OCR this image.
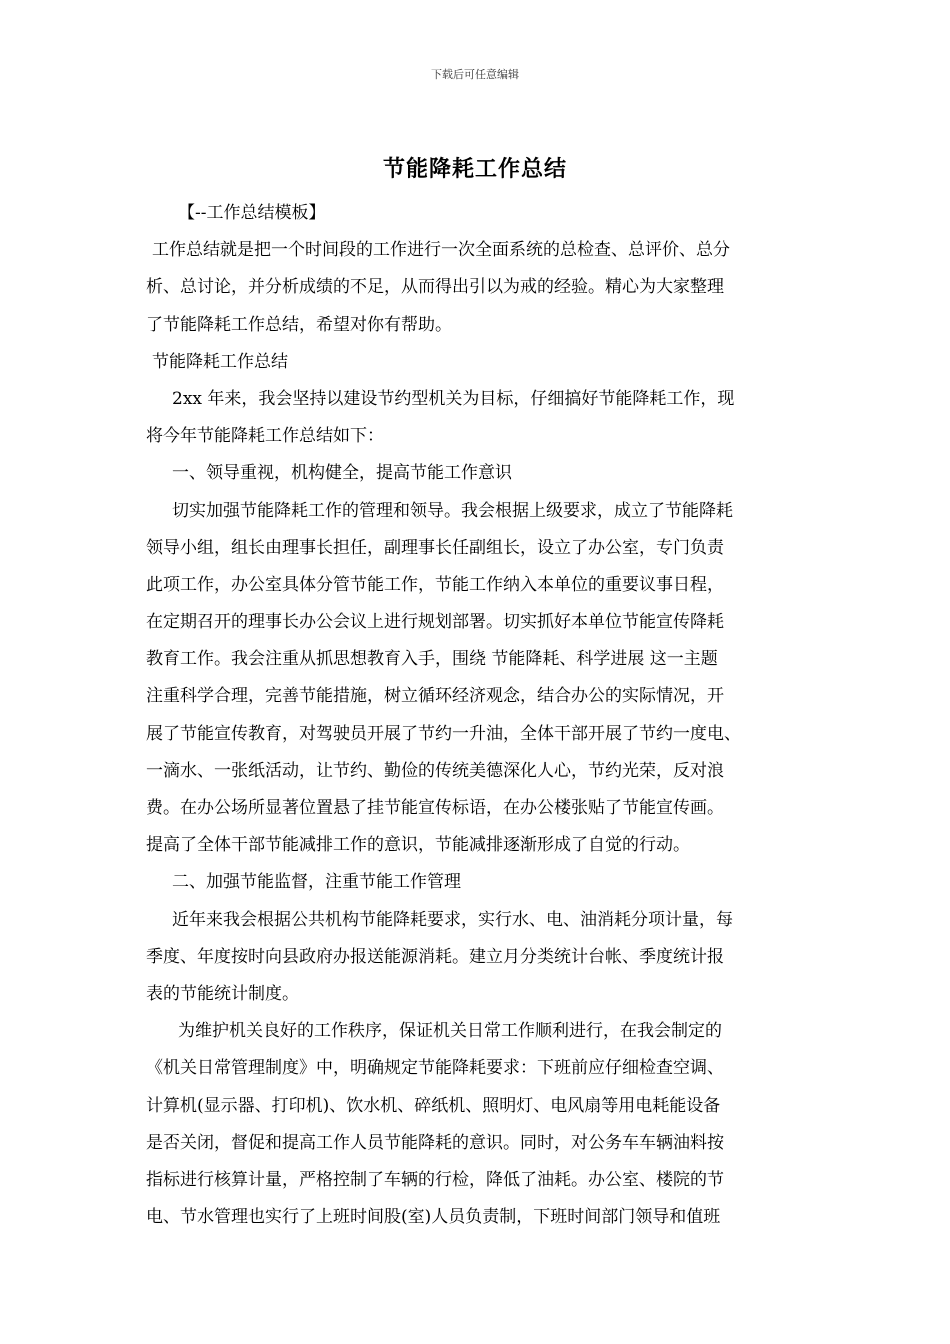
下载后可任意编辑
节能降耗工作总结
【--工作总结模板】
工作总结就是把一个时间段的工作进行一次全面系统的总检查、总评价、总分
析、总讨论，并分析成绩的不足，从而得出引以为戒的经验。精心为大家整理
了节能降耗工作总结，希望对你有帮助。
节能降耗工作总结
2xx 年来，我会坚持以建设节约型机关为目标，仔细搞好节能降耗工作，现
将今年节能降耗工作总结如下：
一、领导重视，机构健全，提高节能工作意识
切实加强节能降耗工作的管理和领导。我会根据上级要求，成立了节能降耗
领导小组，组长由理事长担任，副理事长任副组长，设立了办公室，专门负责
此项工作，办公室具体分管节能工作，节能工作纳入本单位的重要议事日程，
在定期召开的理事长办公会议上进行规划部署。切实抓好本单位节能宣传降耗
教育工作。我会注重从抓思想教育入手，围绕 节能降耗、科学进展 这一主题
注重科学合理，完善节能措施，树立循环经济观念，结合办公的实际情况，开
展了节能宣传教育，对驾驶员开展了节约一升油，全体干部开展了节约一度电、
一滴水、一张纸活动，让节约、勤俭的传统美德深化人心，节约光荣，反对浪
费。在办公场所显著位置悬了挂节能宣传标语，在办公楼张贴了节能宣传画。
提高了全体干部节能减排工作的意识，节能减排逐渐形成了自觉的行动。
二、加强节能监督，注重节能工作管理
近年来我会根据公共机构节能降耗要求，实行水、电、油消耗分项计量，每
季度、年度按时向县政府办报送能源消耗。建立月分类统计台帐、季度统计报
表的节能统计制度。
为维护机关良好的工作秩序，保证机关日常工作顺利进行，在我会制定的
《机关日常管理制度》中，明确规定节能降耗要求：下班前应仔细检查空调、
计算机(显示器、打印机)、饮水机、碎纸机、照明灯、电风扇等用电耗能设备
是否关闭，督促和提高工作人员节能降耗的意识。同时，对公务车车辆油料按
指标进行核算计量，严格控制了车辆的行检，降低了油耗。办公室、楼院的节
电、节水管理也实行了上班时间股(室)人员负责制，下班时间部门领导和值班
